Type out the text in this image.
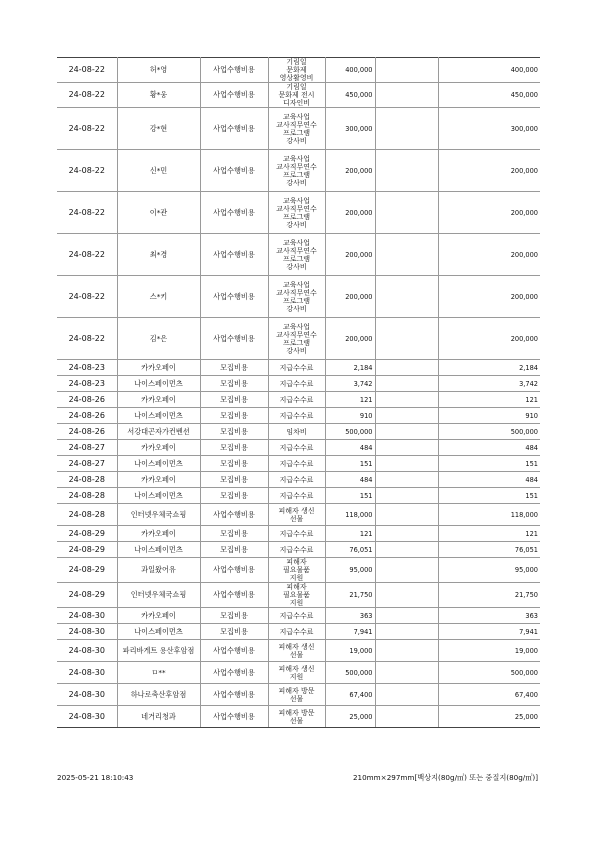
24-08-22	허*영	사업수행비용	기림일
문화제
영상활영비	400,000		400,000
24-08-22	황*웅	사업수행비용	기림일
문화제 전시
디자인비	450,000		450,000
24-08-22	강*현	사업수행비용	교육사업
교사직무연수
프로그램
강사비	300,000		300,000
24-08-22	신*민	사업수행비용	교육사업
교사직무연수
프로그램
강사비	200,000		200,000
24-08-22	이*관	사업수행비용	교육사업
교사직무연수
프로그램
강사비	200,000		200,000
24-08-22	최*경	사업수행비용	교육사업
교사직무연수
프로그램
강사비	200,000		200,000
24-08-22	스*키	사업수행비용	교육사업
교사직무연수
프로그램
강사비	200,000		200,000
24-08-22	김*은	사업수행비용	교육사업
교사직무연수
프로그램
강사비	200,000		200,000
24-08-23	카카오페이	모집비용	지급수수료	2,184		2,184
24-08-23	나이스페이먼츠	모집비용	지급수수료	3,742		3,742
24-08-26	카카오페이	모집비용	지급수수료	121		121
24-08-26	나이스페이먼츠	모집비용	지급수수료	910		910
24-08-26	서강대곤자가컨벤션	모집비용	임차비	500,000		500,000
24-08-27	카카오페이	모집비용	지급수수료	484		484
24-08-27	나이스페이먼츠	모집비용	지급수수료	151		151
24-08-28	카카오페이	모집비용	지급수수료	484		484
24-08-28	나이스페이먼츠	모집비용	지급수수료	151		151
24-08-28	인터넷우체국쇼핑	사업수행비용	피해자 생신
선물	118,000		118,000
24-08-29	카카오페이	모집비용	지급수수료	121		121
24-08-29	나이스페이먼츠	모집비용	지급수수료	76,051		76,051
24-08-29	과일왔어유	사업수행비용	피해자
필요물품
지원	95,000		95,000
24-08-29	인터넷우체국쇼핑	사업수행비용	피해자
필요물품
지원	21,750		21,750
24-08-30	카카오페이	모집비용	지급수수료	363		363
24-08-30	나이스페이먼츠	모집비용	지급수수료	7,941		7,941
24-08-30	파리바게트 용산후암점	사업수행비용	피해자 생신
선물	19,000		19,000
24-08-30	ㅁ**	사업수행비용	피해자 생신
지원	500,000		500,000
24-08-30	하나로축산후암점	사업수행비용	피해자 방문
선물	67,400		67,400
24-08-30	네거리청과	사업수행비용	피해자 방문
선물	25,000		25,000
2025-05-21 18:10:43	210mm×297mm[백상지(80g/㎡) 또는 중질지(80g/㎡)]
